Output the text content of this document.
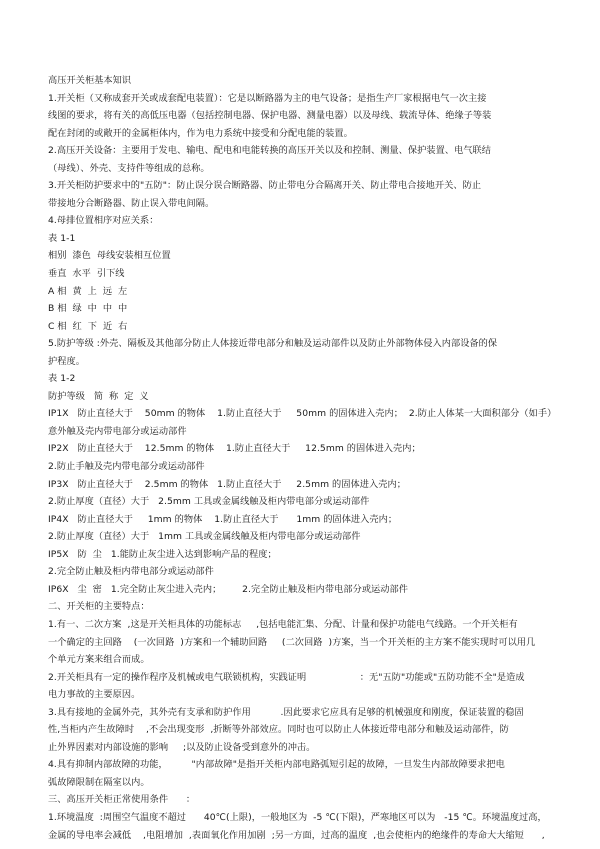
高压开关柜基本知识
1.开关柜（又称成套开关或成套配电装置）：它是以断路器为主的电气设备；是指生产厂家根据电气一次主接
线图的要求，将有关的高低压电器（包括控制电器、保护电器、测量电器）以及母线、载流导体、绝缘子等装
配在封闭的或敞开的金属柜体内，作为电力系统中接受和分配电能的装置。
2.高压开关设备：主要用于发电、输电、配电和电能转换的高压开关以及和控制、测量、保护装置、电气联结
（母线）、外壳、支持件等组成的总称。
3.开关柜防护要求中的"五防"：防止误分误合断路器、防止带电分合隔离开关、防止带电合接地开关、防止
带接地分合断路器、防止误入带电间隔。
4.母排位置相序对应关系：
表 1-1
相别  漆色  母线安装相互位置
垂直  水平  引下线
A 相  黄  上  远  左
B 相  绿  中  中  中
C 相  红  下  近  右
5.防护等级 :外壳、隔板及其他部分防止人体接近带电部分和触及运动部件以及防止外部物体侵入内部设备的保
护程度。
表 1-2
防护等级   简  称  定  义
IP1X   防止直径大于    50mm 的物体    1.防止直径大于     50mm 的固体进入壳内；  2.防止人体某一大面积部分（如手）
意外触及壳内带电部分或运动部件
IP2X   防止直径大于    12.5mm 的物体    1.防止直径大于     12.5mm 的固体进入壳内；
2.防止手触及壳内带电部分或运动部件
IP3X   防止直径大于    2.5mm 的物体   1.防止直径大于     2.5mm 的固体进入壳内；
2.防止厚度（直径）大于   2.5mm 工具或金属线触及柜内带电部分或运动部件
IP4X   防止直径大于     1mm 的物体    1.防止直径大于      1mm 的固体进入壳内；
2.防止厚度（直径）大于   1mm 工具或金属线触及柜内带电部分或运动部件
IP5X   防  尘   1.能防止灰尘进入达到影响产品的程度；
2.完全防止触及柜内带电部分或运动部件
IP6X   尘  密   1.完全防止灰尘进入壳内；       2.完全防止触及柜内带电部分或运动部件
二、开关柜的主要特点：
1.有一、二次方案  ,这是开关柜具体的功能标志     ,包括电能汇集、分配、计量和保护功能电气线路。一个开关柜有
一个确定的主回路    (一次回路  )方案和一个辅助回路     (二次回路  )方案，当一个开关柜的主方案不能实现时可以用几
个单元方案来组合而成。
2.开关柜具有一定的操作程序及机械或电气联锁机构，实践证明                  ：无"五防"功能或"五防功能不全"是造成
电力事故的主要原因。
3.具有接地的金属外壳，其外壳有支承和防护作用          .因此要求它应具有足够的机械强度和刚度，保证装置的稳固
性,当柜内产生故障时    ,不会出现变形  ,折断等外部效应。同时也可以防止人体接近带电部分和触及运动部件，防
止外界因素对内部设施的影响     ;以及防止设备受到意外的冲击。
4.具有抑制内部故障的功能，        "内部故障"是指开关柜内部电路弧短引起的故障，一旦发生内部故障要求把电
弧故障限制在隔室以内。
三、高压开关柜正常使用条件      ：
1.环境温度  :周围空气温度不超过      40℃(上限)，一般地区为  -5 ℃(下限)，严寒地区可以为   -15 ℃。环境温度过高，
金属的导电率会减低    ,电阻增加  ,表面氧化作用加剧  ;另一方面，过高的温度  ,也会使柜内的绝缘件的寿命大大缩短      ,
